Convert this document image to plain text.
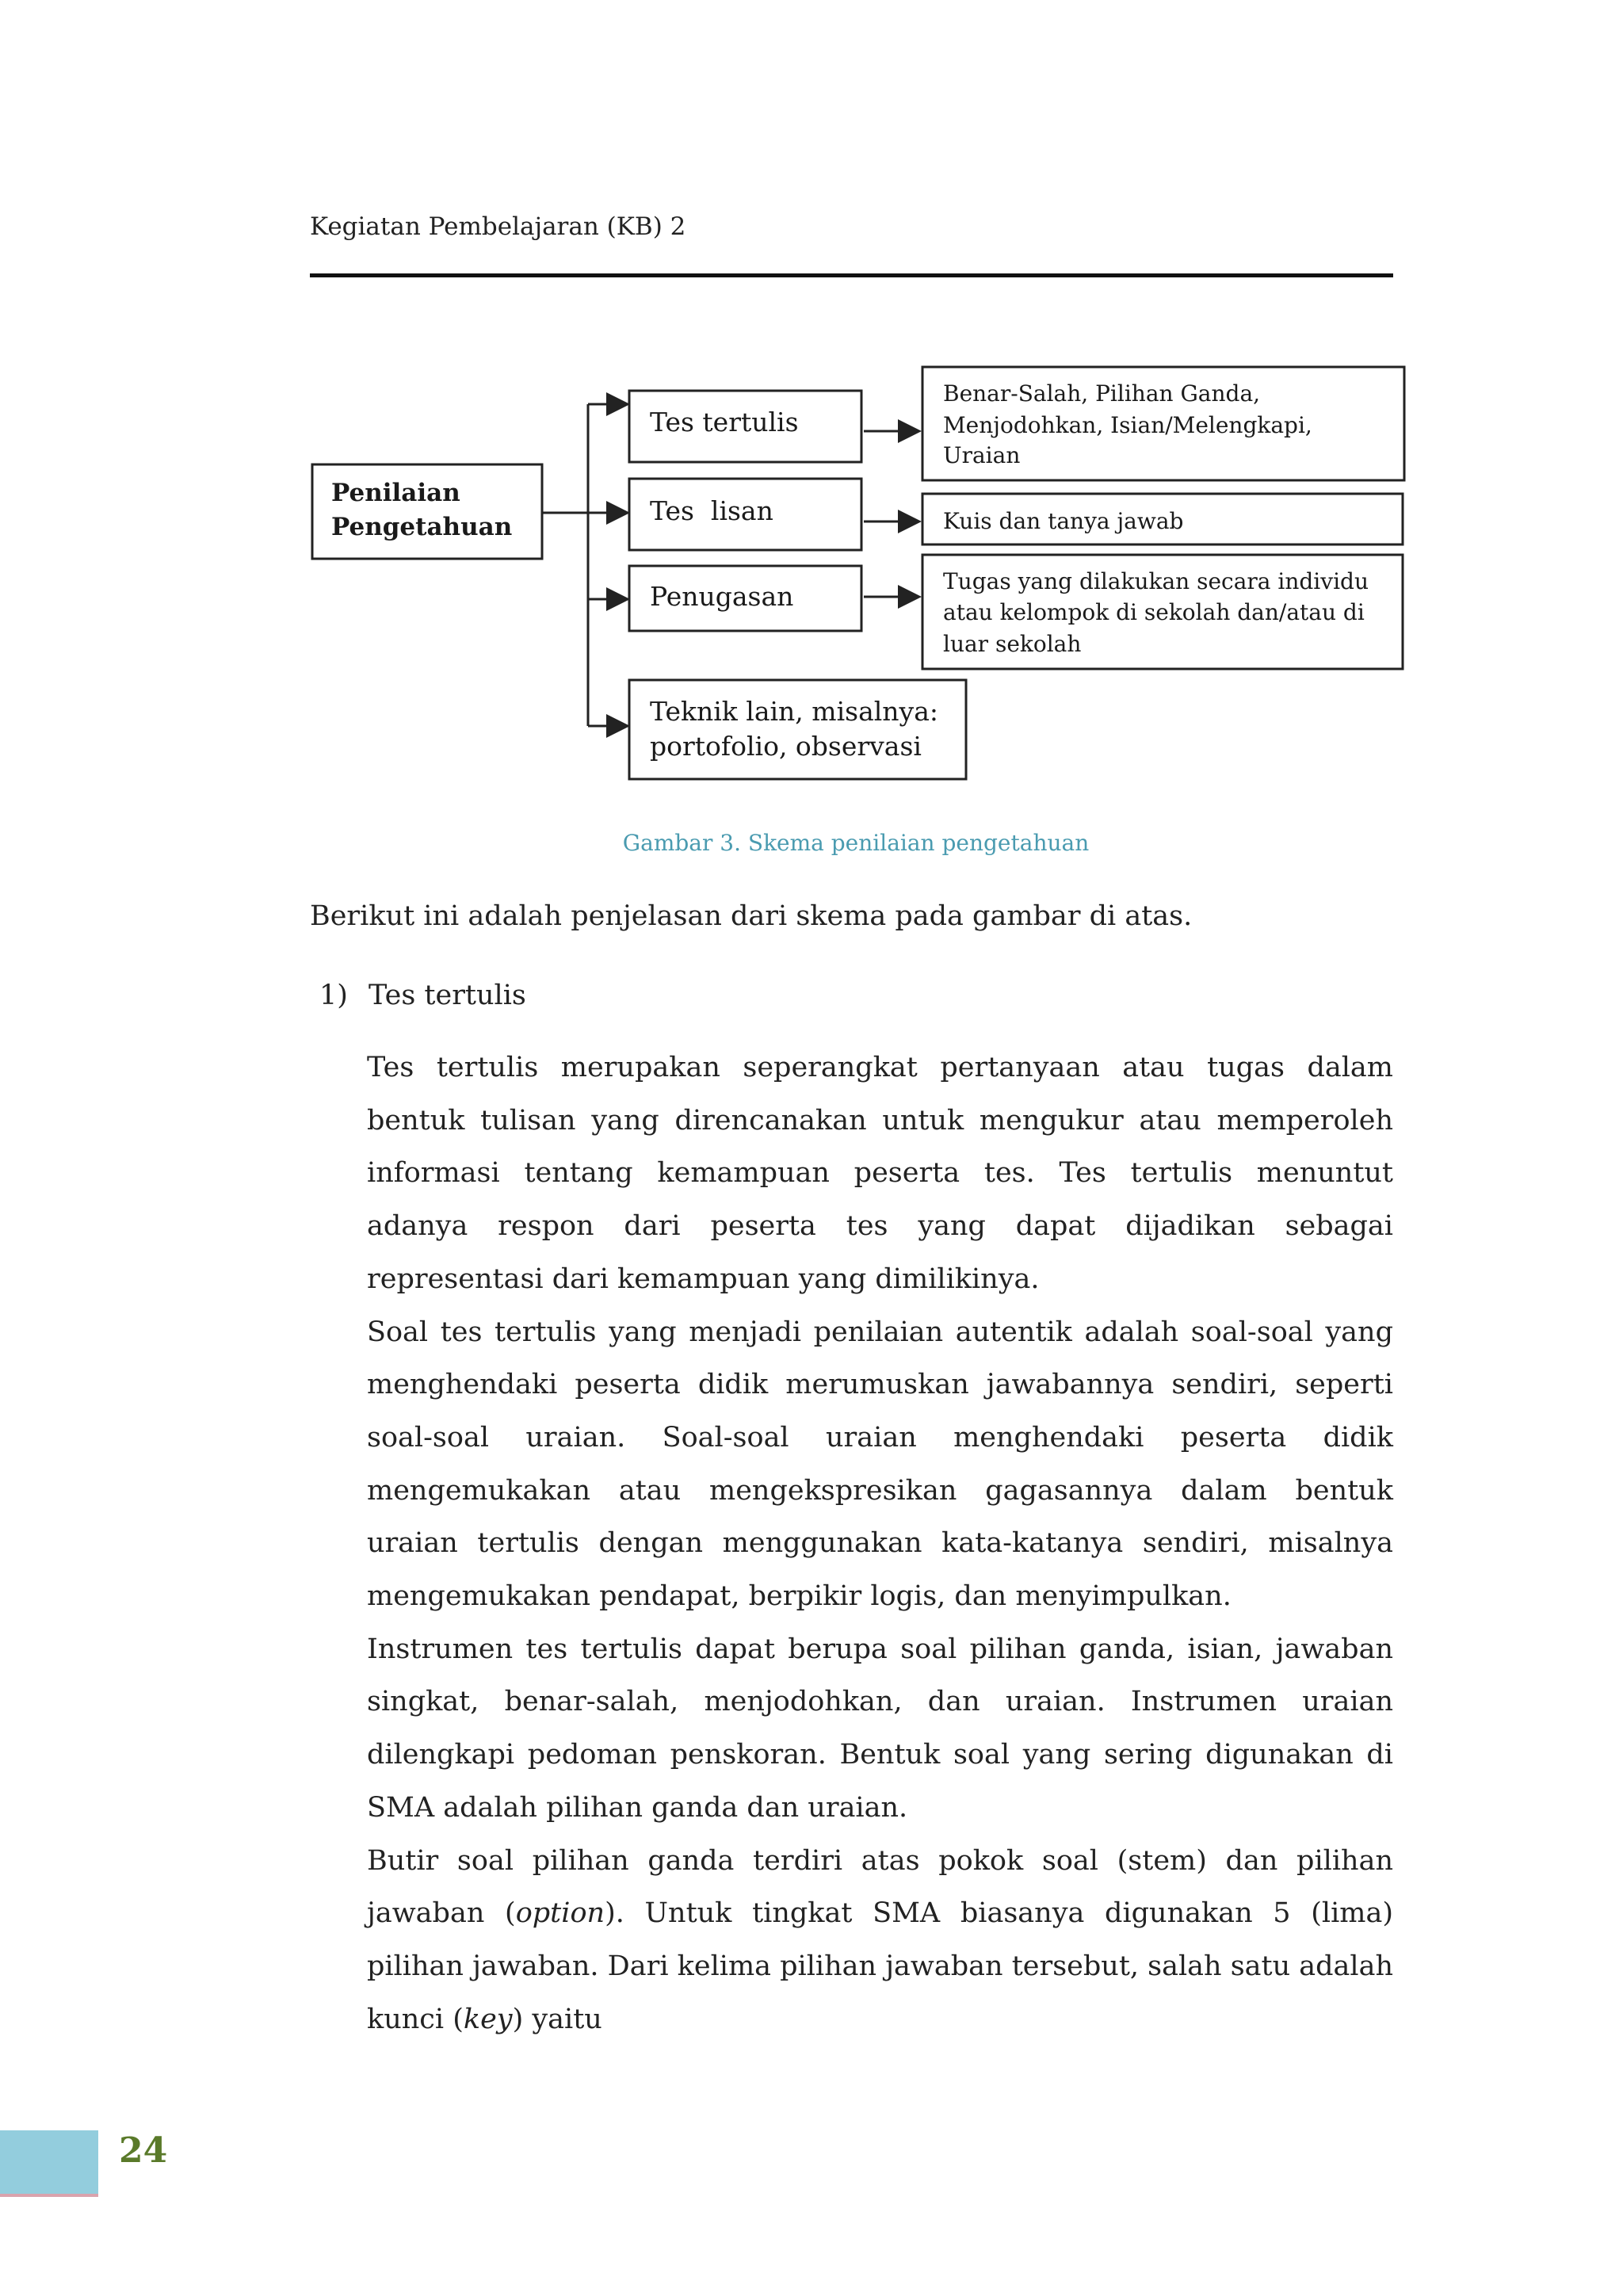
Kegiatan Pembelajaran (KB) 2
Penilaian
Pengetahuan
Tes tertulis
Tes  lisan
Penugasan
Teknik lain, misalnya:
portofolio, observasi
Benar-Salah, Pilihan Ganda,
Menjodohkan, Isian/Melengkapi,
Uraian
Kuis dan tanya jawab
Tugas yang dilakukan secara individu
atau kelompok di sekolah dan/atau di
luar sekolah
Gambar 3. Skema penilaian pengetahuan
Berikut ini adalah penjelasan dari skema pada gambar di atas.
1) Tes tertulis

Tes tertulis merupakan seperangkat pertanyaan atau tugas dalam bentuk tulisan yang direncanakan untuk mengukur atau memperoleh informasi tentang kemampuan peserta tes. Tes tertulis menuntut adanya respon dari peserta tes yang dapat dijadikan sebagai representasi dari kemampuan yang dimilikinya.

Soal tes tertulis yang menjadi penilaian autentik adalah soal-soal yang menghendaki peserta didik merumuskan jawabannya sendiri, seperti soal-soal uraian. Soal-soal uraian menghendaki peserta didik mengemukakan atau mengekspresikan gagasannya dalam bentuk uraian tertulis dengan menggunakan kata-katanya sendiri, misalnya mengemukakan pendapat, berpikir logis, dan menyimpulkan.

Instrumen tes tertulis dapat berupa soal pilihan ganda, isian, jawaban singkat, benar-salah, menjodohkan, dan uraian. Instrumen uraian dilengkapi pedoman penskoran. Bentuk soal yang sering digunakan di SMA adalah pilihan ganda dan uraian.

Butir soal pilihan ganda terdiri atas pokok soal (stem) dan pilihan jawaban (option). Untuk tingkat SMA biasanya digunakan 5 (lima) pilihan jawaban. Dari kelima pilihan jawaban tersebut, salah satu adalah kunci (key) yaitu

24
